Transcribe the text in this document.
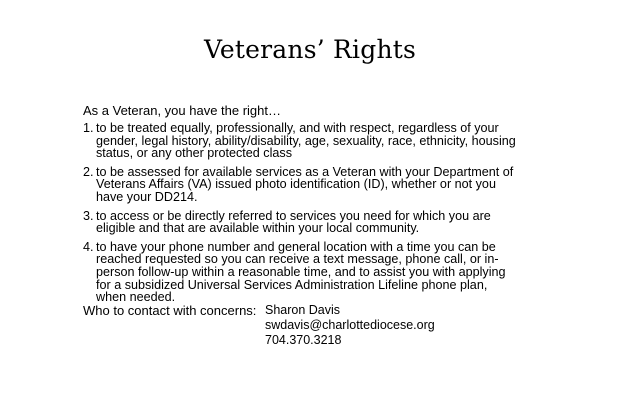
Veterans’ Rights
As a Veteran, you have the right…
1. to be treated equally, professionally, and with respect, regardless of your
gender, legal history, ability/disability, age, sexuality, race, ethnicity, housing
status, or any other protected class
2. to be assessed for available services as a Veteran with your Department of
Veterans Affairs (VA) issued photo identification (ID), whether or not you
have your DD214.
3. to access or be directly referred to services you need for which you are
eligible and that are available within your local community.
4. to have your phone number and general location with a time you can be
reached requested so you can receive a text message, phone call, or in-
person follow-up within a reasonable time, and to assist you with applying
for a subsidized Universal Services Administration Lifeline phone plan,
when needed.
Who to contact with concerns: Sharon Davis
swdavis@charlottediocese.org
704.370.3218
